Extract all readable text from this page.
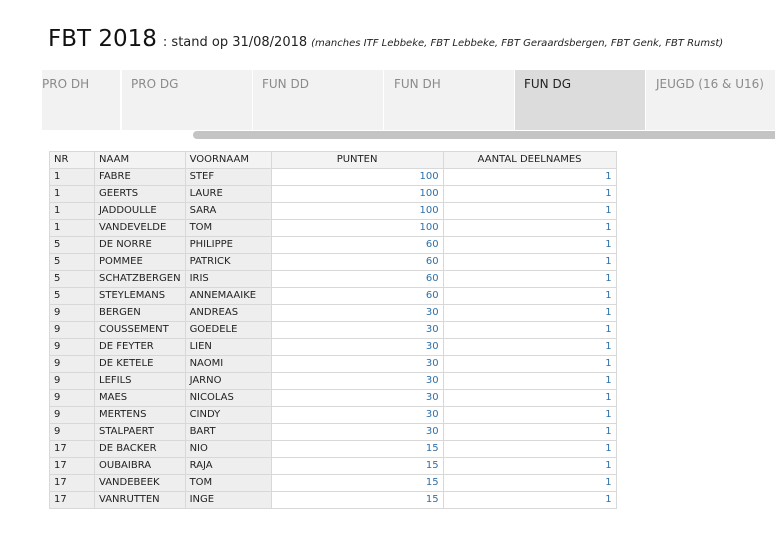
FBT 2018 : stand op 31/08/2018 (manches ITF Lebbeke, FBT Lebbeke, FBT Geraardsbergen, FBT Genk, FBT Rumst)
PRO DH	PRO DG	FUN DD	FUN DH	FUN DG	JEUGD (16 & U16)
NR	NAAM	VOORNAAM	PUNTEN	AANTAL DEELNAMES
1	FABRE	STEF	100	1
1	GEERTS	LAURE	100	1
1	JADDOULLE	SARA	100	1
1	VANDEVELDE	TOM	100	1
5	DE NORRE	PHILIPPE	60	1
5	POMMEE	PATRICK	60	1
5	SCHATZBERGEN	IRIS	60	1
5	STEYLEMANS	ANNEMAAIKE	60	1
9	BERGEN	ANDREAS	30	1
9	COUSSEMENT	GOEDELE	30	1
9	DE FEYTER	LIEN	30	1
9	DE KETELE	NAOMI	30	1
9	LEFILS	JARNO	30	1
9	MAES	NICOLAS	30	1
9	MERTENS	CINDY	30	1
9	STALPAERT	BART	30	1
17	DE BACKER	NIO	15	1
17	OUBAIBRA	RAJA	15	1
17	VANDEBEEK	TOM	15	1
17	VANRUTTEN	INGE	15	1
